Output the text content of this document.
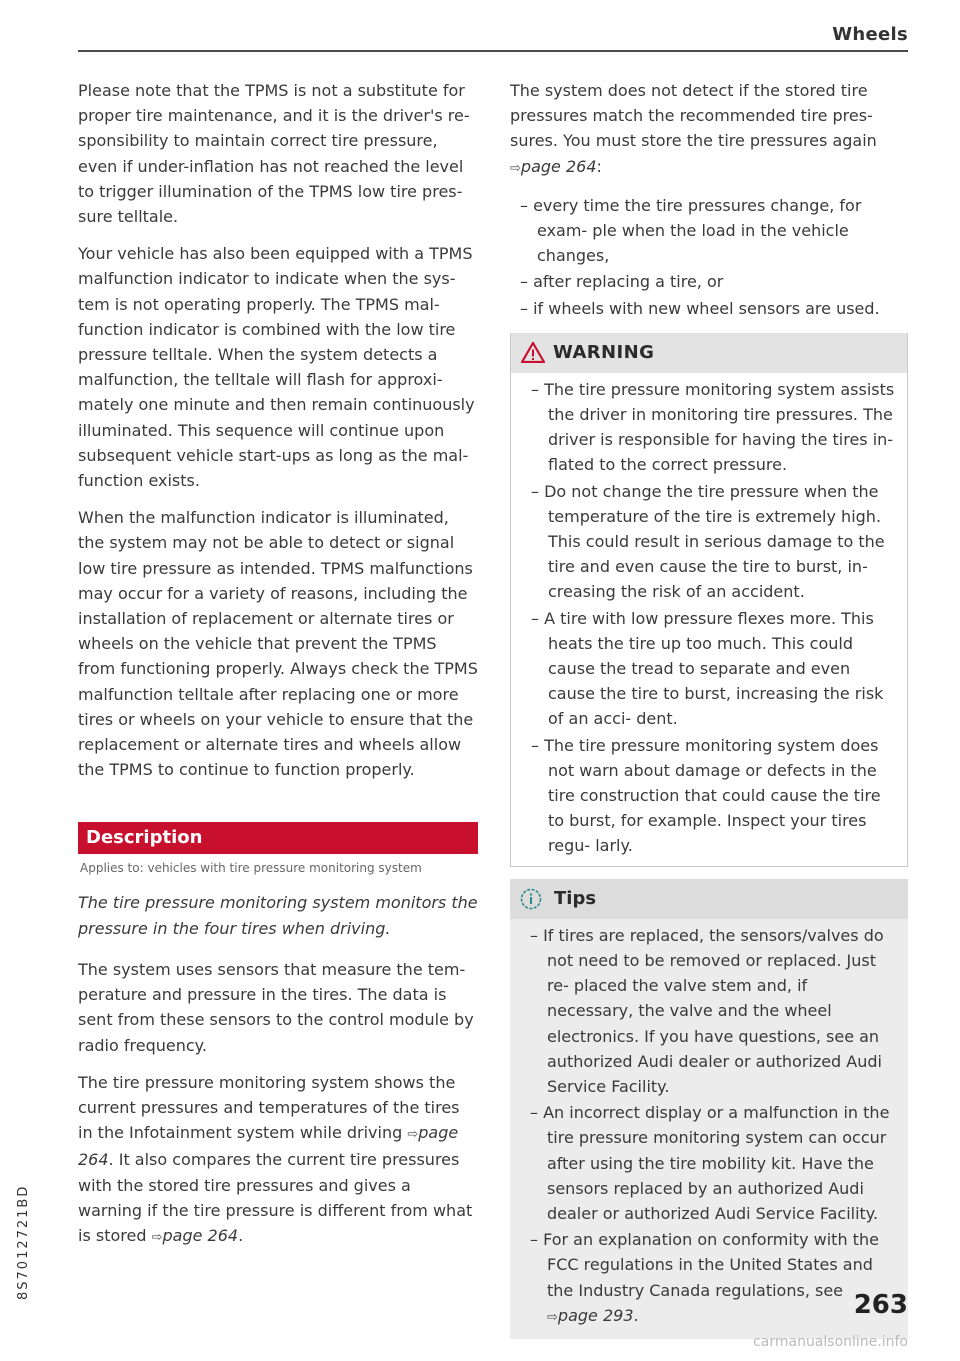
Wheels

Please note that the TPMS is not a substitute for proper tire maintenance, and it is the driver's re- sponsibility to maintain correct tire pressure, even if under-inflation has not reached the level to trigger illumination of the TPMS low tire pres- sure telltale.

Your vehicle has also been equipped with a TPMS malfunction indicator to indicate when the sys- tem is not operating properly. The TPMS mal- function indicator is combined with the low tire pressure telltale. When the system detects a malfunction, the telltale will flash for approxi- mately one minute and then remain continuously illuminated. This sequence will continue upon subsequent vehicle start-ups as long as the mal- function exists.

When the malfunction indicator is illuminated, the system may not be able to detect or signal low tire pressure as intended. TPMS malfunctions may occur for a variety of reasons, including the installation of replacement or alternate tires or wheels on the vehicle that prevent the TPMS from functioning properly. Always check the TPMS malfunction telltale after replacing one or more tires or wheels on your vehicle to ensure that the replacement or alternate tires and wheels allow the TPMS to continue to function properly.

Description
Applies to: vehicles with tire pressure monitoring system

The tire pressure monitoring system monitors the pressure in the four tires when driving.

The system uses sensors that measure the tem- perature and pressure in the tires. The data is sent from these sensors to the control module by radio frequency.

The tire pressure monitoring system shows the current pressures and temperatures of the tires in the Infotainment system while driving ⇨page 264. It also compares the current tire pressures with the stored tire pressures and gives a warning if the tire pressure is different from what is stored ⇨page 264.

The system does not detect if the stored tire pressures match the recommended tire pres- sures. You must store the tire pressures again
⇨page 264:

– every time the tire pressures change, for exam- ple when the load in the vehicle changes,
– after replacing a tire, or
– if wheels with new wheel sensors are used.
WARNING
– The tire pressure monitoring system assists the driver in monitoring tire pressures. The driver is responsible for having the tires in- flated to the correct pressure.
– Do not change the tire pressure when the temperature of the tire is extremely high. This could result in serious damage to the tire and even cause the tire to burst, in- creasing the risk of an accident.
– A tire with low pressure flexes more. This heats the tire up too much. This could cause the tread to separate and even cause the tire to burst, increasing the risk of an acci- dent.
– The tire pressure monitoring system does not warn about damage or defects in the tire construction that could cause the tire to burst, for example. Inspect your tires regu- larly.
Tips
– If tires are replaced, the sensors/valves do not need to be removed or replaced. Just re- placed the valve stem and, if necessary, the valve and the wheel electronics. If you have questions, see an authorized Audi dealer or authorized Audi Service Facility.
– An incorrect display or a malfunction in the tire pressure monitoring system can occur after using the tire mobility kit. Have the sensors replaced by an authorized Audi dealer or authorized Audi Service Facility.
– For an explanation on conformity with the FCC regulations in the United States and the Industry Canada regulations, see
⇨page 293.
8S7012721BD
263
carmanualsonline.info
